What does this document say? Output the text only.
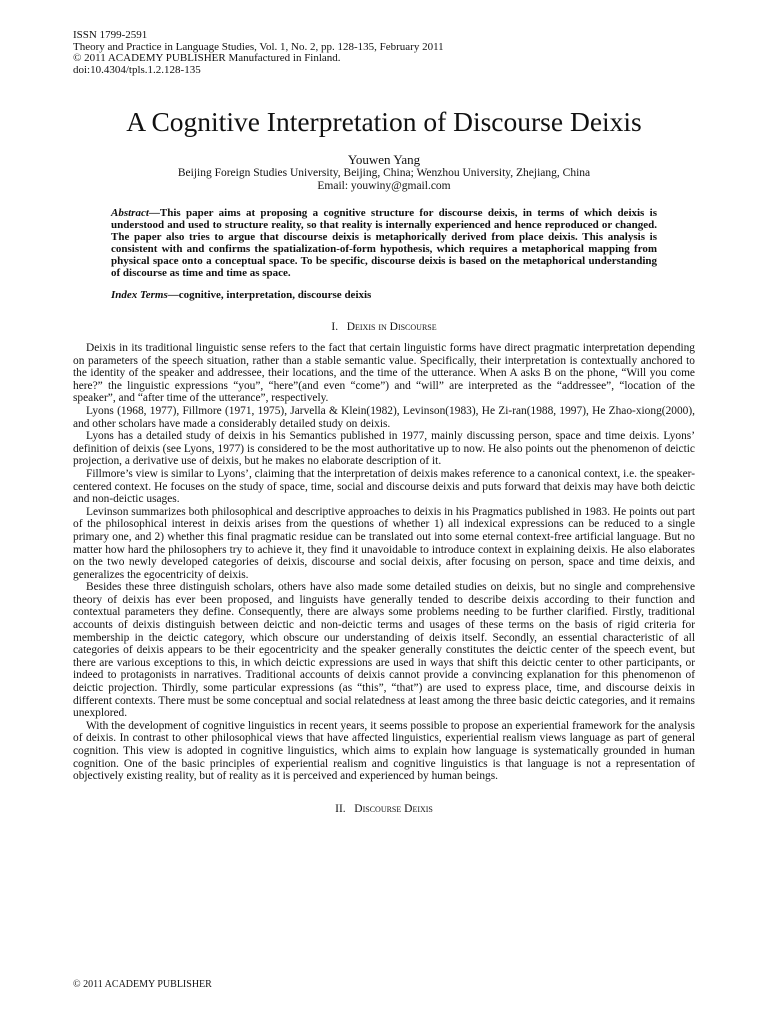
ISSN 1799-2591
Theory and Practice in Language Studies, Vol. 1, No. 2, pp. 128-135, February 2011
© 2011 ACADEMY PUBLISHER Manufactured in Finland.
doi:10.4304/tpls.1.2.128-135
A Cognitive Interpretation of Discourse Deixis
Youwen Yang
Beijing Foreign Studies University, Beijing, China; Wenzhou University, Zhejiang, China
Email: youwiny@gmail.com
Abstract—This paper aims at proposing a cognitive structure for discourse deixis, in terms of which deixis is understood and used to structure reality, so that reality is internally experienced and hence reproduced or changed. The paper also tries to argue that discourse deixis is metaphorically derived from place deixis. This analysis is consistent with and confirms the spatialization-of-form hypothesis, which requires a metaphorical mapping from physical space onto a conceptual space. To be specific, discourse deixis is based on the metaphorical understanding of discourse as time and time as space.
Index Terms—cognitive, interpretation, discourse deixis
I. Deixis in Discourse

Deixis in its traditional linguistic sense refers to the fact that certain linguistic forms have direct pragmatic interpretation depending on parameters of the speech situation, rather than a stable semantic value. Specifically, their interpretation is contextually anchored to the identity of the speaker and addressee, their locations, and the time of the utterance. When A asks B on the phone, “Will you come here?” the linguistic expressions “you”, “here”(and even “come”) and “will” are interpreted as the “addressee”, “location of the speaker”, and “after time of the utterance”, respectively.

Lyons (1968, 1977), Fillmore (1971, 1975), Jarvella & Klein(1982), Levinson(1983), He Zi-ran(1988, 1997), He Zhao-xiong(2000), and other scholars have made a considerably detailed study on deixis.

Lyons has a detailed study of deixis in his Semantics published in 1977, mainly discussing person, space and time deixis. Lyons’ definition of deixis (see Lyons, 1977) is considered to be the most authoritative up to now. He also points out the phenomenon of deictic projection, a derivative use of deixis, but he makes no elaborate description of it.

Fillmore’s view is similar to Lyons’, claiming that the interpretation of deixis makes reference to a canonical context, i.e. the speaker-centered context. He focuses on the study of space, time, social and discourse deixis and puts forward that deixis may have both deictic and non-deictic usages.

Levinson summarizes both philosophical and descriptive approaches to deixis in his Pragmatics published in 1983. He points out part of the philosophical interest in deixis arises from the questions of whether 1) all indexical expressions can be reduced to a single primary one, and 2) whether this final pragmatic residue can be translated out into some eternal context-free artificial language. But no matter how hard the philosophers try to achieve it, they find it unavoidable to introduce context in explaining deixis. He also elaborates on the two newly developed categories of deixis, discourse and social deixis, after focusing on person, space and time deixis, and generalizes the egocentricity of deixis.

Besides these three distinguish scholars, others have also made some detailed studies on deixis, but no single and comprehensive theory of deixis has ever been proposed, and linguists have generally tended to describe deixis according to their function and contextual parameters they define. Consequently, there are always some problems needing to be further clarified. Firstly, traditional accounts of deixis distinguish between deictic and non-deictic terms and usages of these terms on the basis of rigid criteria for membership in the deictic category, which obscure our understanding of deixis itself. Secondly, an essential characteristic of all categories of deixis appears to be their egocentricity and the speaker generally constitutes the deictic center of the speech event, but there are various exceptions to this, in which deictic expressions are used in ways that shift this deictic center to other participants, or indeed to protagonists in narratives. Traditional accounts of deixis cannot provide a convincing explanation for this phenomenon of deictic projection. Thirdly, some particular expressions (as “this”, “that”) are used to express place, time, and discourse deixis in different contexts. There must be some conceptual and social relatedness at least among the three basic deictic categories, and it remains unexplored.

With the development of cognitive linguistics in recent years, it seems possible to propose an experiential framework for the analysis of deixis. In contrast to other philosophical views that have affected linguistics, experiential realism views language as part of general cognition. This view is adopted in cognitive linguistics, which aims to explain how language is systematically grounded in human cognition. One of the basic principles of experiential realism and cognitive linguistics is that language is not a representation of objectively existing reality, but of reality as it is perceived and experienced by human beings.

II. Discourse Deixis
© 2011 ACADEMY PUBLISHER
